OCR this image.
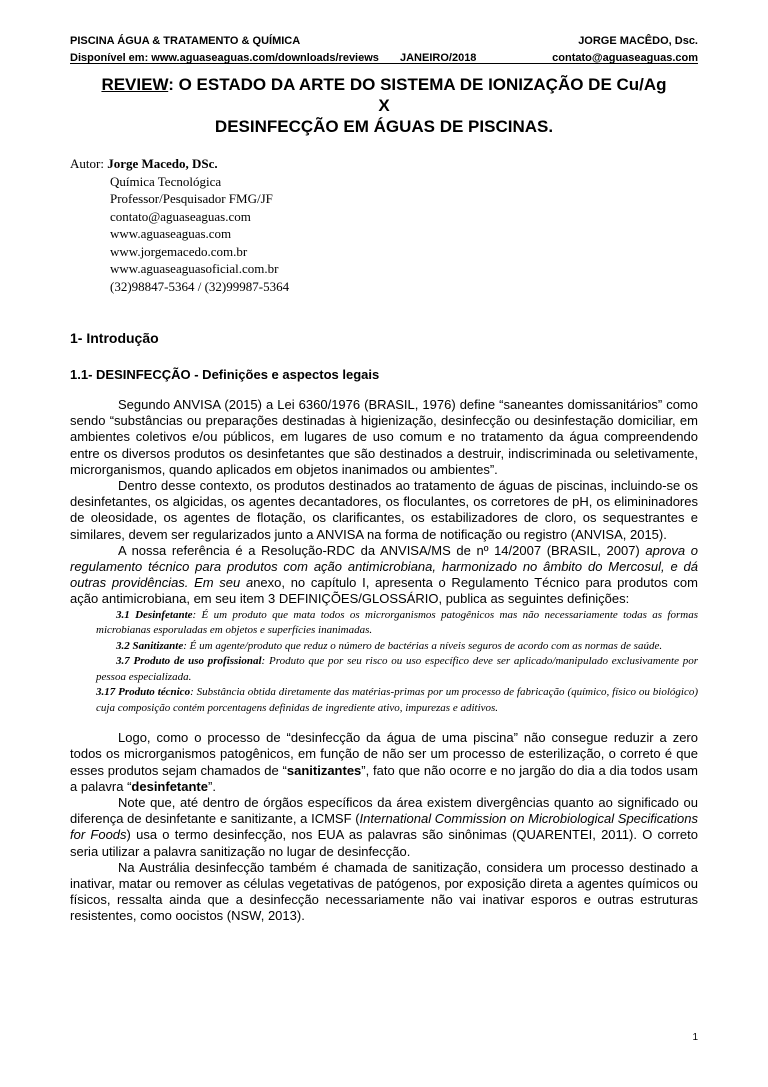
PISCINA ÁGUA & TRATAMENTO & QUÍMICA	JORGE MACÊDO, Dsc.
Disponível em: www.aguaseaguas.com/downloads/reviews JANEIRO/2018	contato@aguaseaguas.com
REVIEW: O ESTADO DA ARTE DO SISTEMA DE IONIZAÇÃO DE Cu/Ag
X
DESINFECÇÃO EM ÁGUAS DE PISCINAS.
Autor: Jorge Macedo, DSc.
Química Tecnológica
Professor/Pesquisador FMG/JF
contato@aguaseaguas.com
www.aguaseaguas.com
www.jorgemacedo.com.br
www.aguaseaguasoficial.com.br
(32)98847-5364 / (32)99987-5364
1- Introdução
1.1- DESINFECÇÃO - Definições e aspectos legais

Segundo ANVISA (2015) a Lei 6360/1976 (BRASIL, 1976) define “saneantes domissanitários” como sendo “substâncias ou preparações destinadas à higienização, desinfecção ou desinfestação domiciliar, em ambientes coletivos e/ou públicos, em lugares de uso comum e no tratamento da água compreendendo entre os diversos produtos os desinfetantes que são destinados a destruir, indiscriminada ou seletivamente, microrganismos, quando aplicados em objetos inanimados ou ambientes”.

Dentro desse contexto, os produtos destinados ao tratamento de águas de piscinas, incluindo-se os desinfetantes, os algicidas, os agentes decantadores, os floculantes, os corretores de pH, os elimininadores de oleosidade, os agentes de flotação, os clarificantes, os estabilizadores de cloro, os sequestrantes e similares, devem ser regularizados junto a ANVISA na forma de notificação ou registro (ANVISA, 2015).

A nossa referência é a Resolução-RDC da ANVISA/MS de nº 14/2007 (BRASIL, 2007) aprova o regulamento técnico para produtos com ação antimicrobiana, harmonizado no âmbito do Mercosul, e dá outras providências. Em seu anexo, no capítulo I, apresenta o Regulamento Técnico para produtos com ação antimicrobiana, em seu item 3 DEFINIÇÕES/GLOSSÁRIO, publica as seguintes definições:

3.1 Desinfetante: É um produto que mata todos os microrganismos patogênicos mas não necessariamente todas as formas microbianas esporuladas em objetos e superfícies inanimadas.

3.2 Sanitizante: É um agente/produto que reduz o número de bactérias a níveis seguros de acordo com as normas de saúde.

3.7 Produto de uso profissional: Produto que por seu risco ou uso específico deve ser aplicado/manipulado exclusivamente por pessoa especializada.

3.17 Produto técnico: Substância obtida diretamente das matérias-primas por um processo de fabricação (químico, físico ou biológico) cuja composição contém porcentagens definidas de ingrediente ativo, impurezas e aditivos.

Logo, como o processo de “desinfecção da água de uma piscina” não consegue reduzir a zero todos os microrganismos patogênicos, em função de não ser um processo de esterilização, o correto é que esses produtos sejam chamados de “sanitizantes”, fato que não ocorre e no jargão do dia a dia todos usam a palavra “desinfetante”.

Note que, até dentro de órgãos específicos da área existem divergências quanto ao significado ou diferença de desinfetante e sanitizante, a ICMSF (International Commission on Microbiological Specifications for Foods) usa o termo desinfecção, nos EUA as palavras são sinônimas (QUARENTEI, 2011). O correto seria utilizar a palavra sanitização no lugar de desinfecção.

Na Austrália desinfecção também é chamada de sanitização, considera um processo destinado a inativar, matar ou remover as células vegetativas de patógenos, por exposição direta a agentes químicos ou físicos, ressalta ainda que a desinfecção necessariamente não vai inativar esporos e outras estruturas resistentes, como oocistos (NSW, 2013).

1
